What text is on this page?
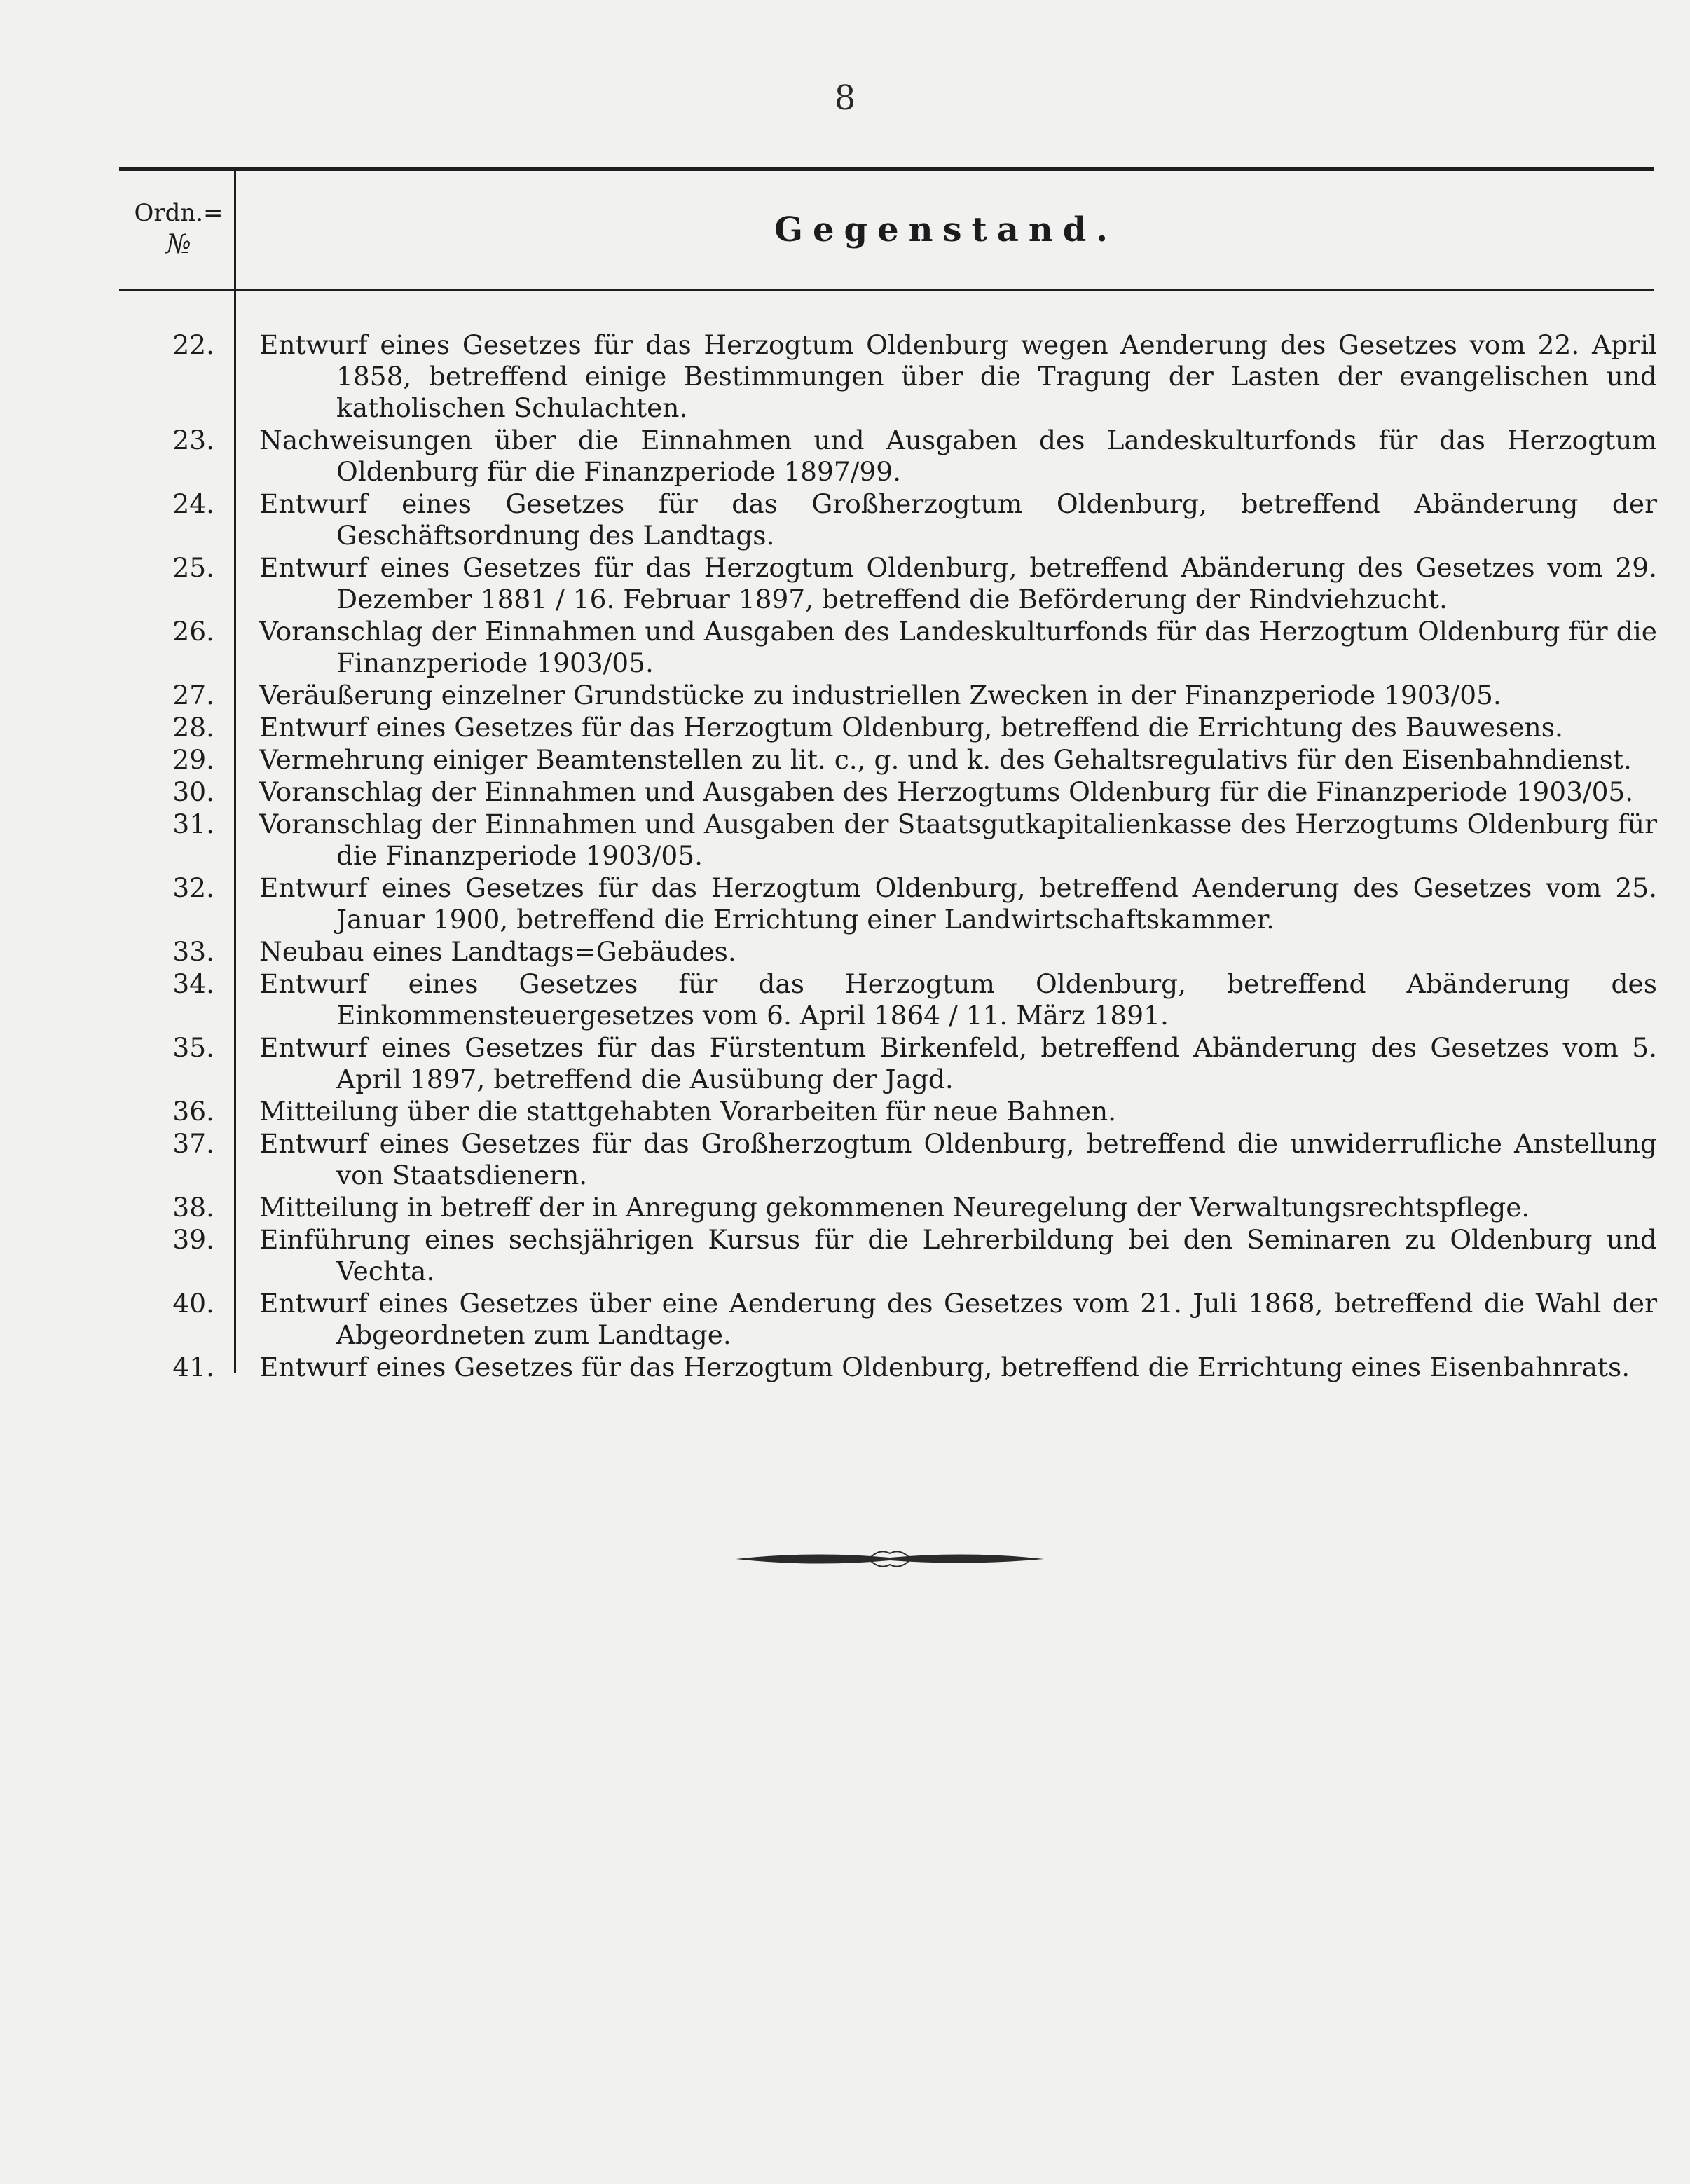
8
Ordn.=
№	Gegenstand.
22.	Entwurf eines Gesetzes für das Herzogtum Oldenburg wegen Aenderung des Gesetzes vom 22. April 1858, betreffend einige Bestimmungen über die Tragung der Lasten der evangelischen und katholischen Schulachten.
23.	Nachweisungen über die Einnahmen und Ausgaben des Landeskulturfonds für das Herzogtum Oldenburg für die Finanzperiode 1897/99.
24.	Entwurf eines Gesetzes für das Großherzogtum Oldenburg, betreffend Abänderung der Geschäftsordnung des Landtags.
25.	Entwurf eines Gesetzes für das Herzogtum Oldenburg, betreffend Abänderung des Gesetzes vom 29. Dezember 1881 / 16. Februar 1897, betreffend die Beförderung der Rindviehzucht.
26.	Voranschlag der Einnahmen und Ausgaben des Landeskulturfonds für das Herzogtum Oldenburg für die Finanzperiode 1903/05.
27.	Veräußerung einzelner Grundstücke zu industriellen Zwecken in der Finanzperiode 1903/05.
28.	Entwurf eines Gesetzes für das Herzogtum Oldenburg, betreffend die Errichtung des Bauwesens.
29.	Vermehrung einiger Beamtenstellen zu lit. c., g. und k. des Gehaltsregulativs für den Eisenbahndienst.
30.	Voranschlag der Einnahmen und Ausgaben des Herzogtums Oldenburg für die Finanzperiode 1903/05.
31.	Voranschlag der Einnahmen und Ausgaben der Staatsgutkapitalienkasse des Herzogtums Oldenburg für die Finanzperiode 1903/05.
32.	Entwurf eines Gesetzes für das Herzogtum Oldenburg, betreffend Aenderung des Gesetzes vom 25. Januar 1900, betreffend die Errichtung einer Landwirtschaftskammer.
33.	Neubau eines Landtags=Gebäudes.
34.	Entwurf eines Gesetzes für das Herzogtum Oldenburg, betreffend Abänderung des Einkommensteuergesetzes vom 6. April 1864 / 11. März 1891.
35.	Entwurf eines Gesetzes für das Fürstentum Birkenfeld, betreffend Abänderung des Gesetzes vom 5. April 1897, betreffend die Ausübung der Jagd.
36.	Mitteilung über die stattgehabten Vorarbeiten für neue Bahnen.
37.	Entwurf eines Gesetzes für das Großherzogtum Oldenburg, betreffend die unwiderrufliche Anstellung von Staatsdienern.
38.	Mitteilung in betreff der in Anregung gekommenen Neuregelung der Verwaltungsrechtspflege.
39.	Einführung eines sechsjährigen Kursus für die Lehrerbildung bei den Seminaren zu Oldenburg und Vechta.
40.	Entwurf eines Gesetzes über eine Aenderung des Gesetzes vom 21. Juli 1868, betreffend die Wahl der Abgeordneten zum Landtage.
41.	Entwurf eines Gesetzes für das Herzogtum Oldenburg, betreffend die Errichtung eines Eisenbahnrats.
